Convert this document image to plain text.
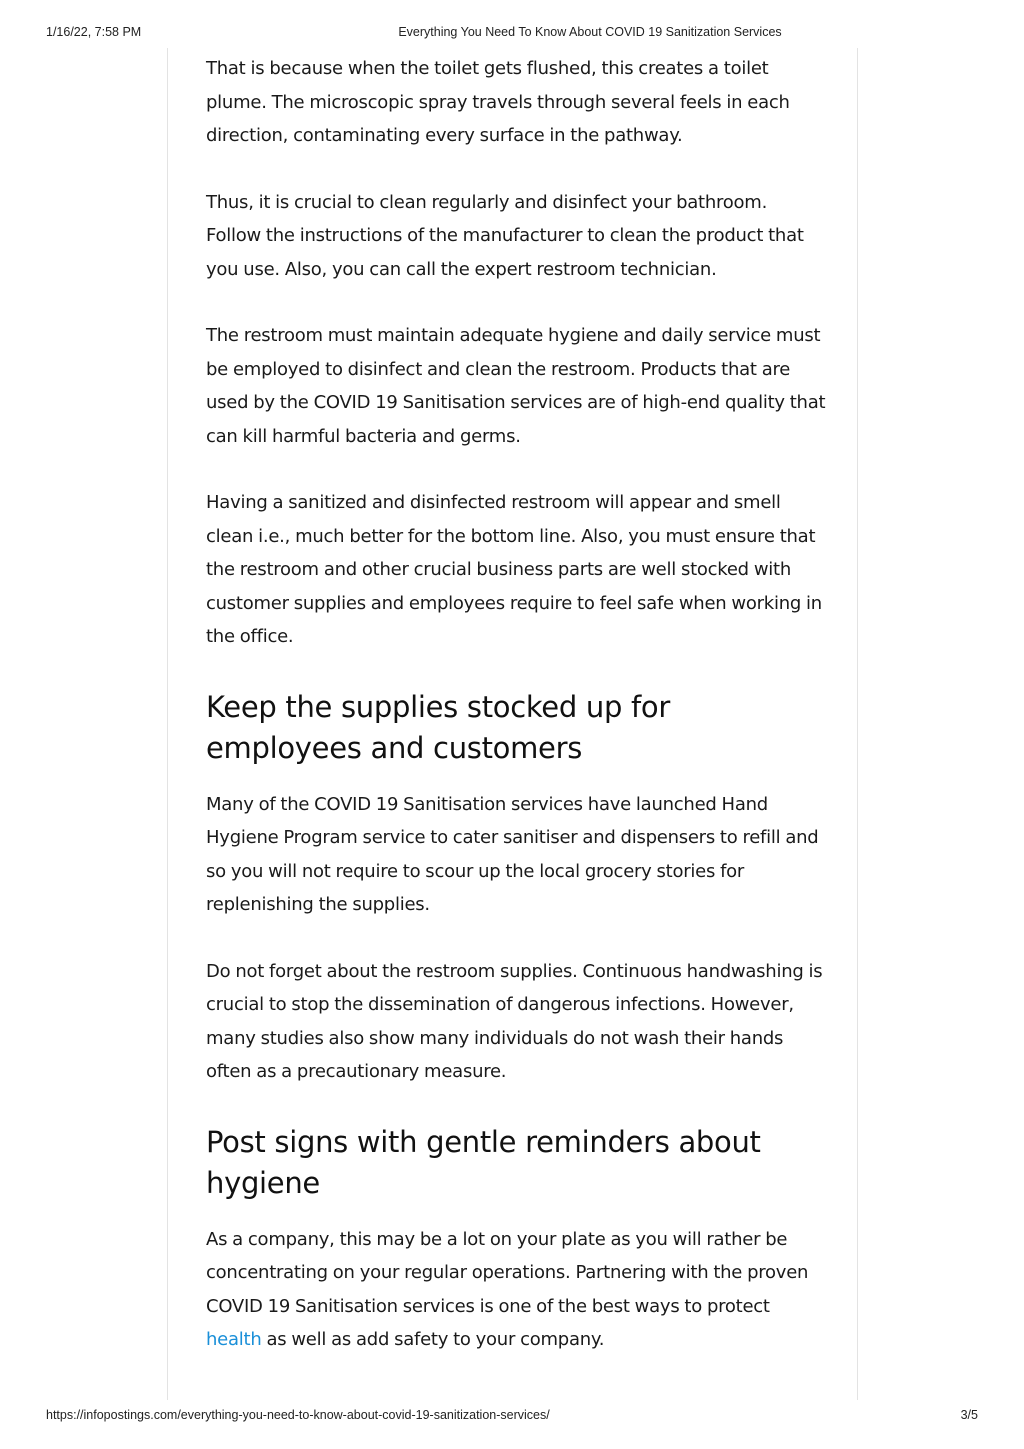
1/16/22, 7:58 PM	Everything You Need To Know About COVID 19 Sanitization Services

That is because when the toilet gets flushed, this creates a toilet plume. The microscopic spray travels through several feels in each direction, contaminating every surface in the pathway.

Thus, it is crucial to clean regularly and disinfect your bathroom. Follow the instructions of the manufacturer to clean the product that you use. Also, you can call the expert restroom technician.

The restroom must maintain adequate hygiene and daily service must be employed to disinfect and clean the restroom. Products that are used by the COVID 19 Sanitisation services are of high-end quality that can kill harmful bacteria and germs.

Having a sanitized and disinfected restroom will appear and smell clean i.e., much better for the bottom line. Also, you must ensure that the restroom and other crucial business parts are well stocked with customer supplies and employees require to feel safe when working in the office.

Keep the supplies stocked up for employees and customers

Many of the COVID 19 Sanitisation services have launched Hand Hygiene Program service to cater sanitiser and dispensers to refill and so you will not require to scour up the local grocery stories for replenishing the supplies.

Do not forget about the restroom supplies. Continuous handwashing is crucial to stop the dissemination of dangerous infections. However, many studies also show many individuals do not wash their hands often as a precautionary measure.

Post signs with gentle reminders about hygiene

As a company, this may be a lot on your plate as you will rather be concentrating on your regular operations. Partnering with the proven COVID 19 Sanitisation services is one of the best ways to protect health as well as add safety to your company.

https://infopostings.com/everything-you-need-to-know-about-covid-19-sanitization-services/	3/5
